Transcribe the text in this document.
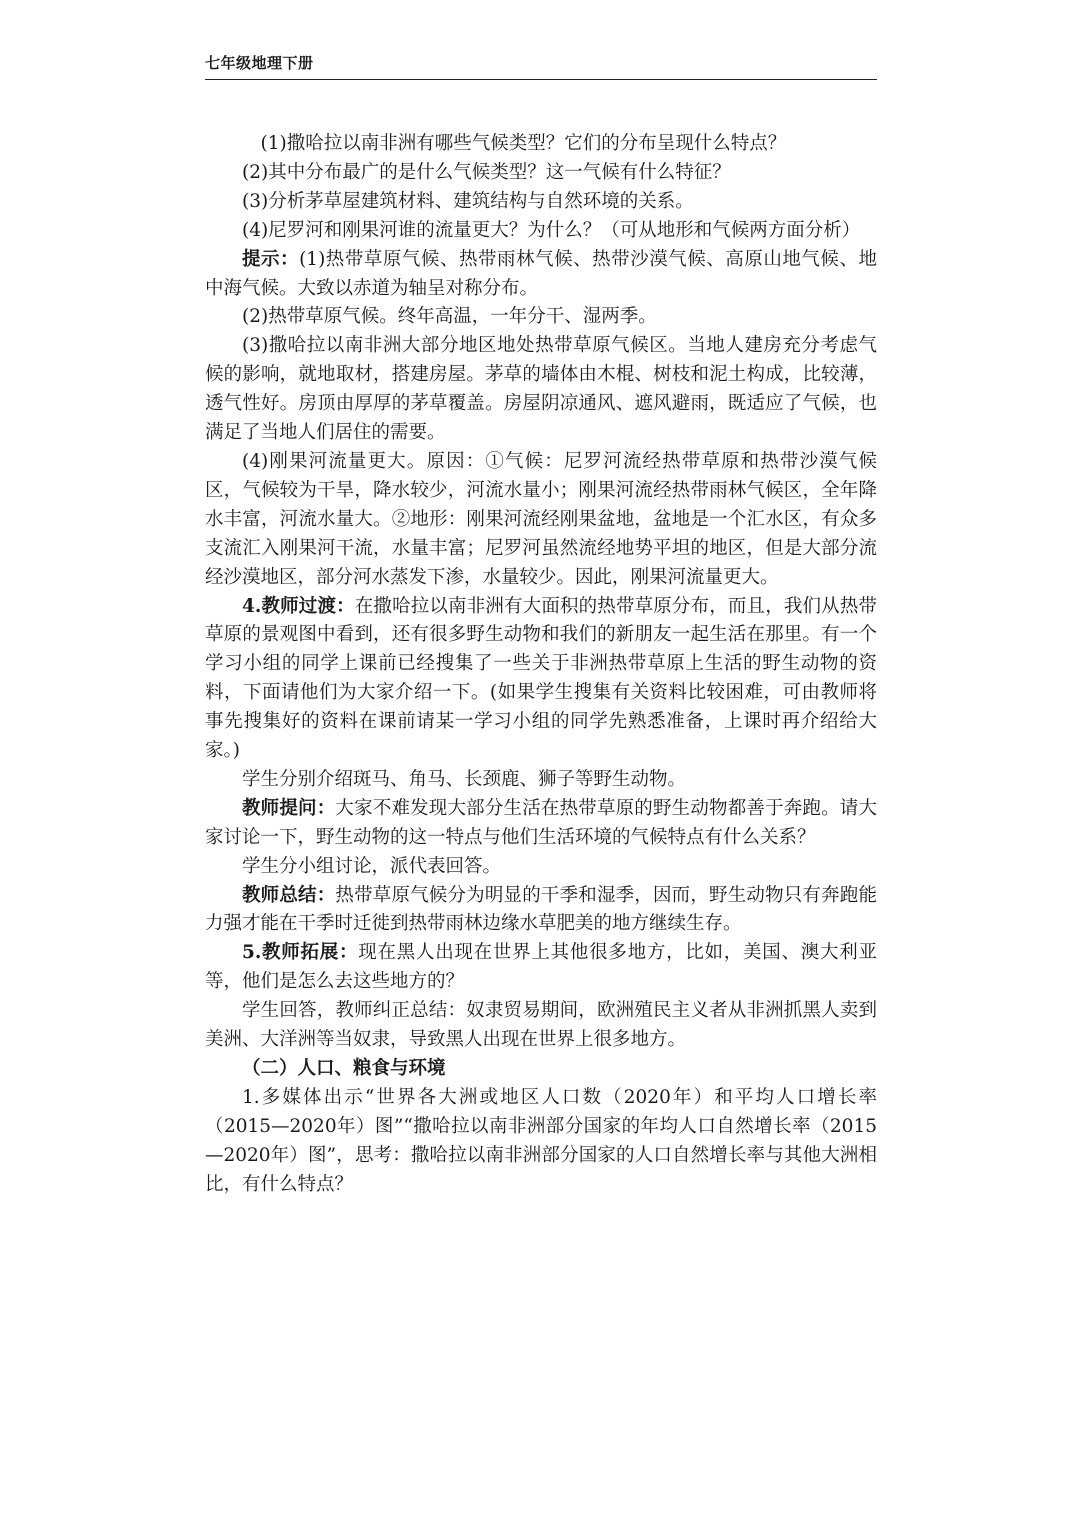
七年级地理下册

(1)撒哈拉以南非洲有哪些气候类型？它们的分布呈现什么特点？

(2)其中分布最广的是什么气候类型？这一气候有什么特征？

(3)分析茅草屋建筑材料、建筑结构与自然环境的关系。

(4)尼罗河和刚果河谁的流量更大？为什么？（可从地形和气候两方面分析）

提示：(1)热带草原气候、热带雨林气候、热带沙漠气候、高原山地气候、地中海气候。大致以赤道为轴呈对称分布。

(2)热带草原气候。终年高温，一年分干、湿两季。

(3)撒哈拉以南非洲大部分地区地处热带草原气候区。当地人建房充分考虑气候的影响，就地取材，搭建房屋。茅草的墙体由木棍、树枝和泥土构成，比较薄，透气性好。房顶由厚厚的茅草覆盖。房屋阴凉通风、遮风避雨，既适应了气候，也满足了当地人们居住的需要。

(4)刚果河流量更大。原因：①气候：尼罗河流经热带草原和热带沙漠气候区，气候较为干旱，降水较少，河流水量小；刚果河流经热带雨林气候区，全年降水丰富，河流水量大。②地形：刚果河流经刚果盆地，盆地是一个汇水区，有众多支流汇入刚果河干流，水量丰富；尼罗河虽然流经地势平坦的地区，但是大部分流经沙漠地区，部分河水蒸发下渗，水量较少。因此，刚果河流量更大。

4.教师过渡：在撒哈拉以南非洲有大面积的热带草原分布，而且，我们从热带草原的景观图中看到，还有很多野生动物和我们的新朋友一起生活在那里。有一个学习小组的同学上课前已经搜集了一些关于非洲热带草原上生活的野生动物的资料，下面请他们为大家介绍一下。(如果学生搜集有关资料比较困难，可由教师将事先搜集好的资料在课前请某一学习小组的同学先熟悉准备，上课时再介绍给大家。)

学生分别介绍斑马、角马、长颈鹿、狮子等野生动物。

教师提问：大家不难发现大部分生活在热带草原的野生动物都善于奔跑。请大家讨论一下，野生动物的这一特点与他们生活环境的气候特点有什么关系？

学生分小组讨论，派代表回答。

教师总结：热带草原气候分为明显的干季和湿季，因而，野生动物只有奔跑能力强才能在干季时迁徙到热带雨林边缘水草肥美的地方继续生存。

5.教师拓展：现在黑人出现在世界上其他很多地方，比如，美国、澳大利亚等，他们是怎么去这些地方的？

学生回答，教师纠正总结：奴隶贸易期间，欧洲殖民主义者从非洲抓黑人卖到美洲、大洋洲等当奴隶，导致黑人出现在世界上很多地方。

（二）人口、粮食与环境

1.多媒体出示“世界各大洲或地区人口数（2020年）和平均人口增长率（2015—2020年）图”“撒哈拉以南非洲部分国家的年均人口自然增长率（2015—2020年）图”，思考：撒哈拉以南非洲部分国家的人口自然增长率与其他大洲相比，有什么特点？
